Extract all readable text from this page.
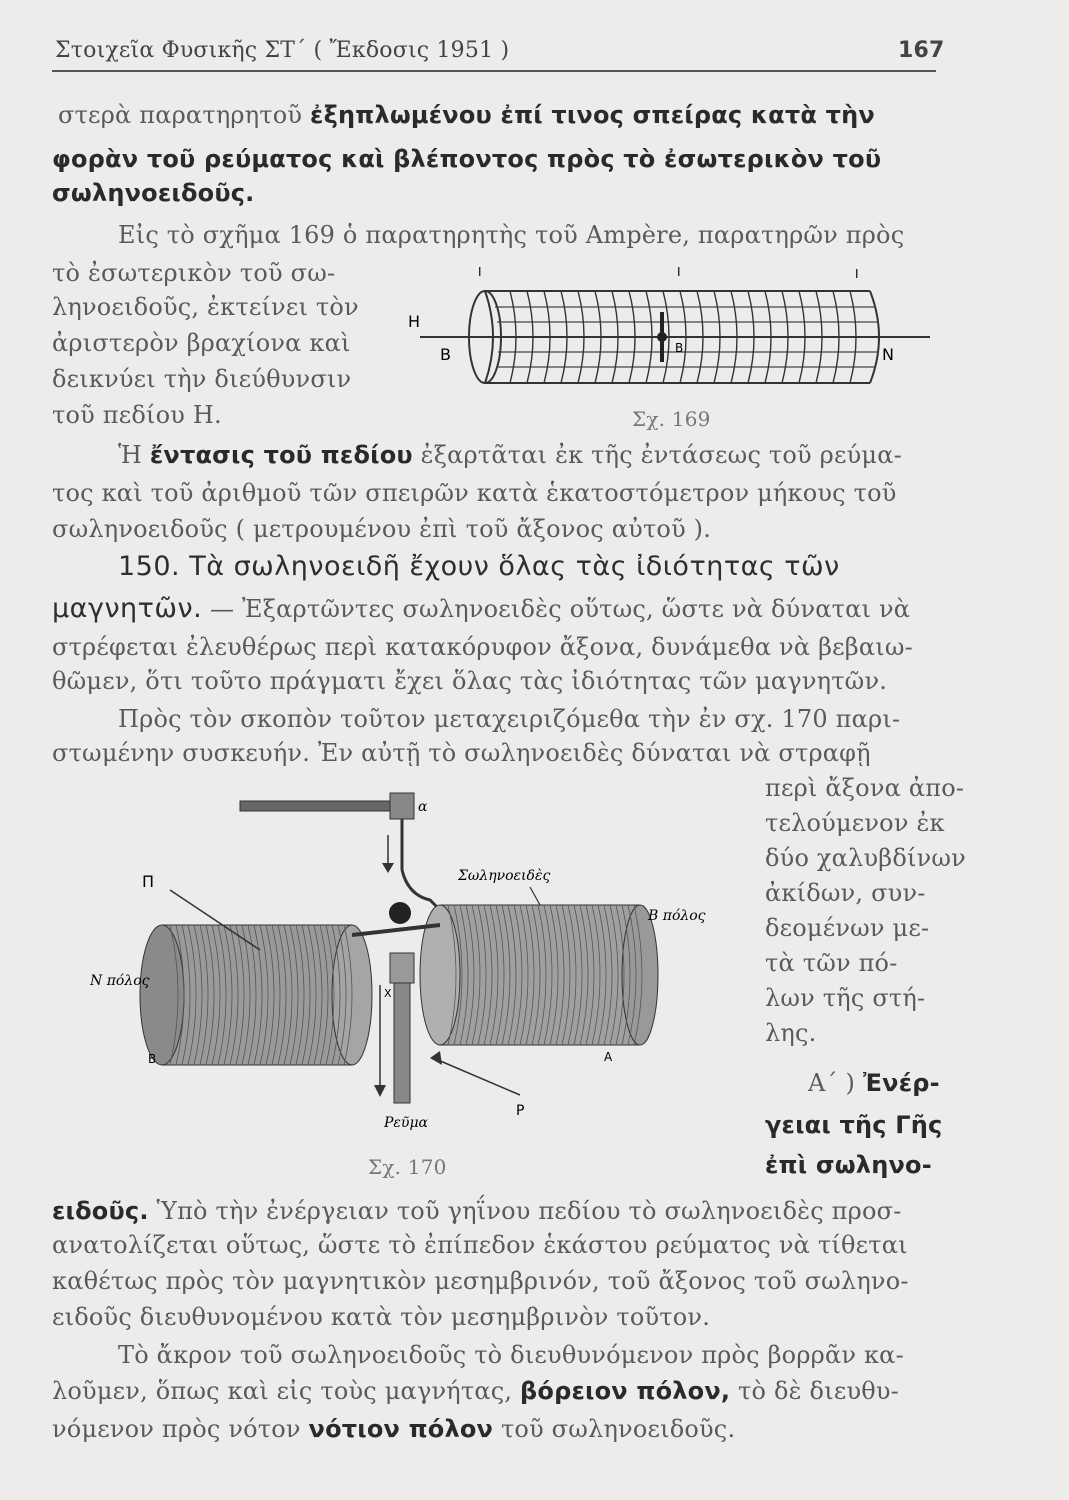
Στοιχεῖα Φυσικῆς ΣΤ΄ ( Ἔκδοσις 1951 )	167
στερὰ παρατηρητοῦ ἐξηπλωμένου ἐπί τινος σπείρας κατὰ τὴν
φορὰν τοῦ ρεύματος καὶ βλέποντος πρὸς τὸ ἐσωτερικὸν τοῦ
σωληνοειδοῦς.
Εἰς τὸ σχῆμα 169 ὁ παρατηρητὴς τοῦ Ampère, παρατηρῶν πρὸς
τὸ ἐσωτερικὸν τοῦ σω-
ληνοειδοῦς, ἐκτείνει τὸν
ἀριστερὸν βραχίονα καὶ
δεικνύει τὴν διεύθυνσιν
τοῦ πεδίου Η.
Η
Β	Ν
Β
Ι	Ι	Ι
Σχ. 169
Ἡ ἔντασις τοῦ πεδίου ἐξαρτᾶται ἐκ τῆς ἐντάσεως τοῦ ρεύμα-
τος καὶ τοῦ ἀριθμοῦ τῶν σπειρῶν κατὰ ἑκατοστόμετρον μήκους τοῦ
σωληνοειδοῦς ( μετρουμένου ἐπὶ τοῦ ἄξονος αὐτοῦ ).
150. Τὰ σωληνοειδῆ ἔχουν ὅλας τὰς ἰδιότητας τῶν
μαγνητῶν. — Ἐξαρτῶντες σωληνοειδὲς οὕτως, ὥστε νὰ δύναται νὰ
στρέφεται ἐλευθέρως περὶ κατακόρυφον ἄξονα, δυνάμεθα νὰ βεβαιω-
θῶμεν, ὅτι τοῦτο πράγματι ἔχει ὅλας τὰς ἰδιότητας τῶν μαγνητῶν.
Πρὸς τὸν σκοπὸν τοῦτον μεταχειριζόμεθα τὴν ἐν σχ. 170 παρι-
στωμένην συσκευήν. Ἐν αὐτῇ τὸ σωληνοειδὲς δύναται νὰ στραφῇ
περὶ ἄξονα ἀπο-
τελούμενον ἐκ
δύο χαλυβδίνων
ἀκίδων, συν-
δεομένων με-
τὰ τῶν πό-
λων τῆς στή-
λης.
α
Σωληνοειδὲς
Π
Β πόλος
Ν πόλος
Χ
Α
Β
Ρεῦμα
Ρ
Σχ. 170
Α΄ ) Ἐνέρ-
γειαι τῆς Γῆς
ἐπὶ σωληνο-
ειδοῦς. Ὑπὸ τὴν ἐνέργειαν τοῦ γηΐνου πεδίου τὸ σωληνοειδὲς προσ-
ανατολίζεται οὕτως, ὥστε τὸ ἐπίπεδον ἑκάστου ρεύματος νὰ τίθεται
καθέτως πρὸς τὸν μαγνητικὸν μεσημβρινόν, τοῦ ἄξονος τοῦ σωληνο-
ειδοῦς διευθυνομένου κατὰ τὸν μεσημβρινὸν τοῦτον.
Τὸ ἄκρον τοῦ σωληνοειδοῦς τὸ διευθυνόμενον πρὸς βορρᾶν κα-
λοῦμεν, ὅπως καὶ εἰς τοὺς μαγνήτας, βόρειον πόλον, τὸ δὲ διευθυ-
νόμενον πρὸς νότον νότιον πόλον τοῦ σωληνοειδοῦς.
